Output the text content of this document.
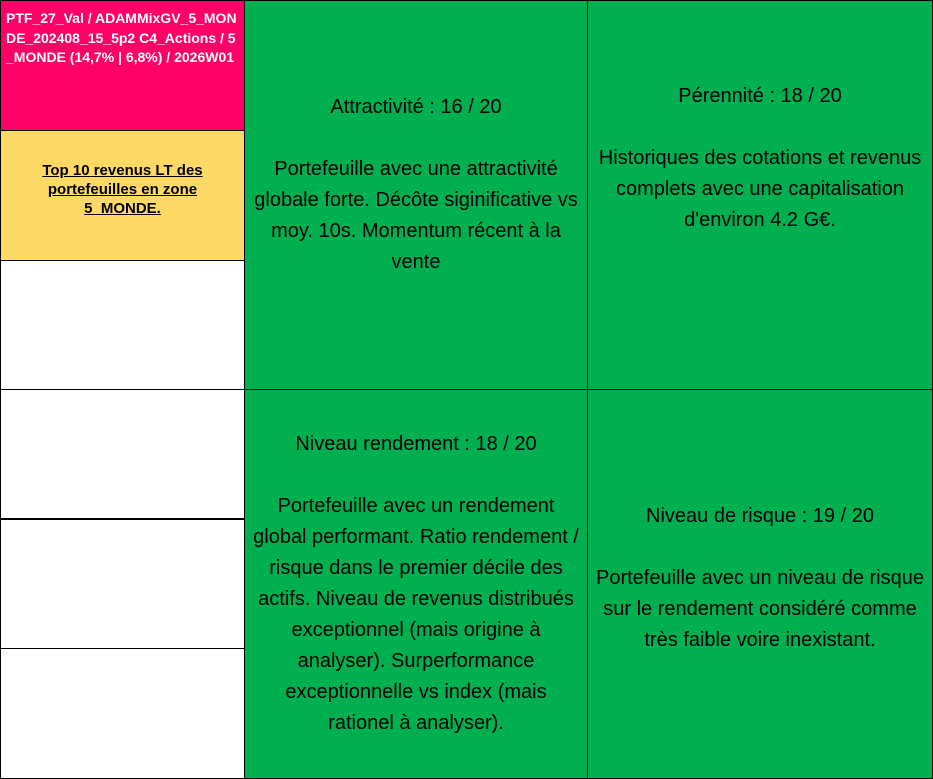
PTF_27_Val / ADAMMixGV_5_MONDE_202408_15_5p2 C4_Actions / 5_MONDE (14,7% | 6,8%) / 2026W01
Top 10 revenus LT des portefeuilles en zone 5_MONDE.
Attractivité : 16 / 20
Portefeuille avec une attractivité globale forte. Décôte siginificative vs moy. 10s. Momentum récent à la vente
Pérennité : 18 / 20
Historiques des cotations et revenus complets avec une capitalisation d'environ 4.2 G€.
Niveau rendement : 18 / 20
Portefeuille avec un rendement global performant. Ratio rendement / risque dans le premier décile des actifs. Niveau de revenus distribués exceptionnel (mais origine à analyser). Surperformance exceptionnelle vs index (mais rationel à analyser).
Niveau de risque : 19 / 20
Portefeuille avec un niveau de risque sur le rendement considéré comme très faible voire inexistant.
